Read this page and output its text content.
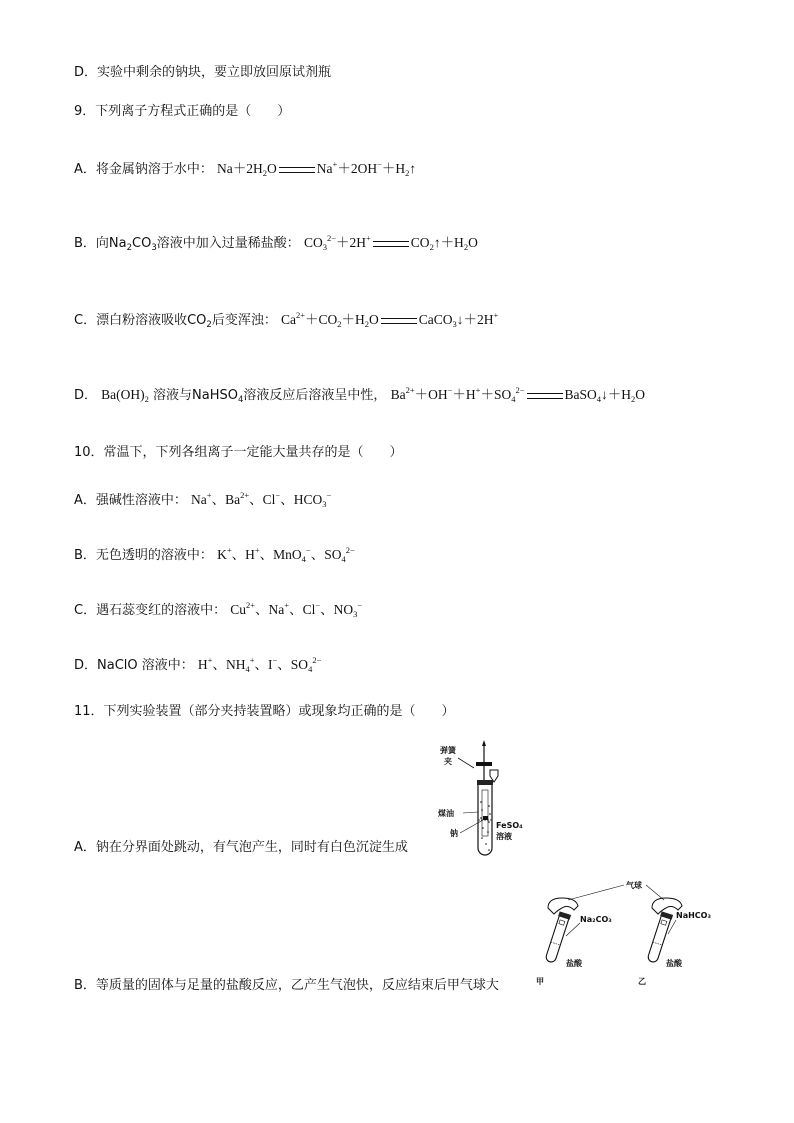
D．实验中剩余的钠块，要立即放回原试剂瓶
9．下列离子方程式正确的是（　　）
A．将金属钠溶于水中： $Na+2H_2O$	$Na^++2OH^-+H_2↑$
B．向$Na_2CO_3$溶液中加入过量稀盐酸： $CO_3^{2-}+2H^+$	$CO_2↑+H_2O$
C．漂白粉溶液吸收$CO_2$后变浑浊： $Ca^{2+}+CO_2+H_2O$	CaCO$_3$↓＋2H+
D． $Ba(OH)_2$ 溶液与NaHSO$_4$溶液反应后溶液呈中性， $Ba^{2+}+OH^-+H^++SO_4^{2-}$	$BaSO_4↓+H_2O$
10．常温下，下列各组离子一定能大量共存的是（　　）
A．强碱性溶液中： Na+、$Ba^{2+}$、Cl−、$HCO_3^-$
B．无色透明的溶液中： K+、H+、MnO$_4$−、$SO_4^{2-}$
C．遇石蕊变红的溶液中： $Cu^{2+}$、Na+、Cl−、$NO_3^-$
D．NaClO 溶液中： H+、$NH_4^+$、I−、$SO_4^{2-}$
11．下列实验装置（部分夹持装置略）或现象均正确的是（　　）
弹簧
夹
煤油
钠
FeSO₄
溶液
A．钠在分界面处跳动，有气泡产生，同时有白色沉淀生成
气球
Na₂CO₃	NaHCO₃
盐酸	盐酸
甲	乙
B．等质量的固体与足量的盐酸反应，乙产生气泡快，反应结束后甲气球大
